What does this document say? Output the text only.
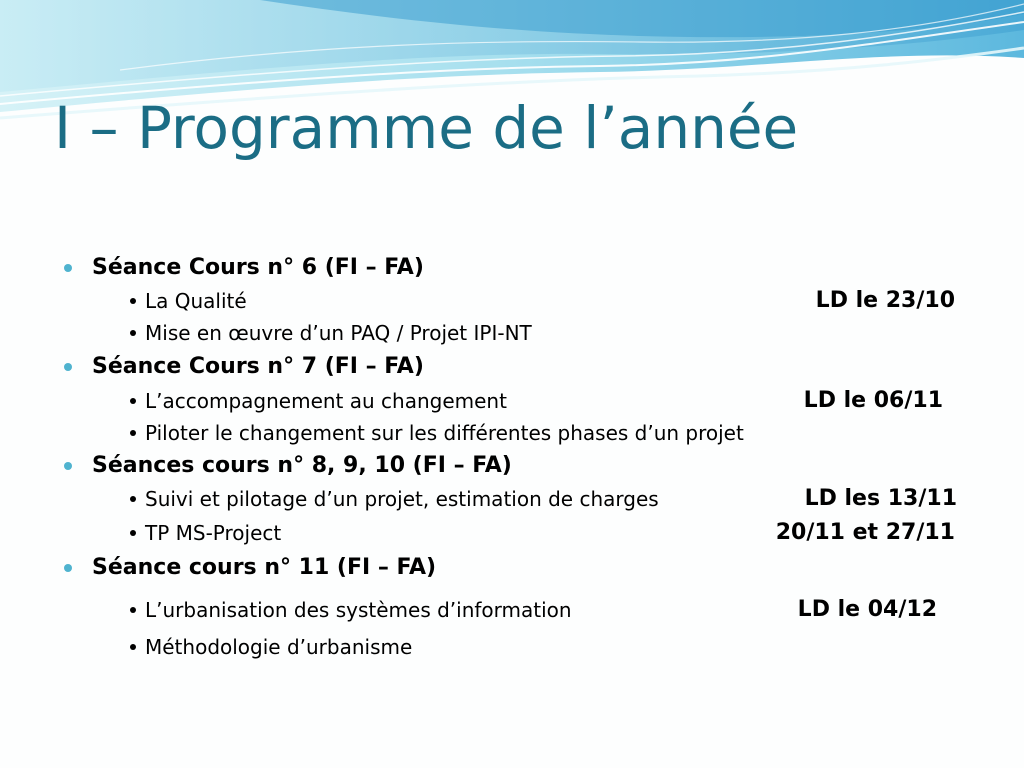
I – Programme de l’année
Séance Cours n° 6 (FI – FA)
La Qualité	LD le 23/10
Mise en œuvre d’un PAQ / Projet IPI-NT
Séance Cours n° 7 (FI – FA)
L’accompagnement au changement	LD le 06/11
Piloter le changement sur les différentes phases d’un projet
Séances cours n° 8, 9, 10 (FI – FA)
Suivi et pilotage d’un projet, estimation de charges	LD les 13/11
TP MS-Project	20/11 et 27/11
Séance cours n° 11 (FI – FA)
L’urbanisation des systèmes d’information	LD le 04/12
Méthodologie d’urbanisme
